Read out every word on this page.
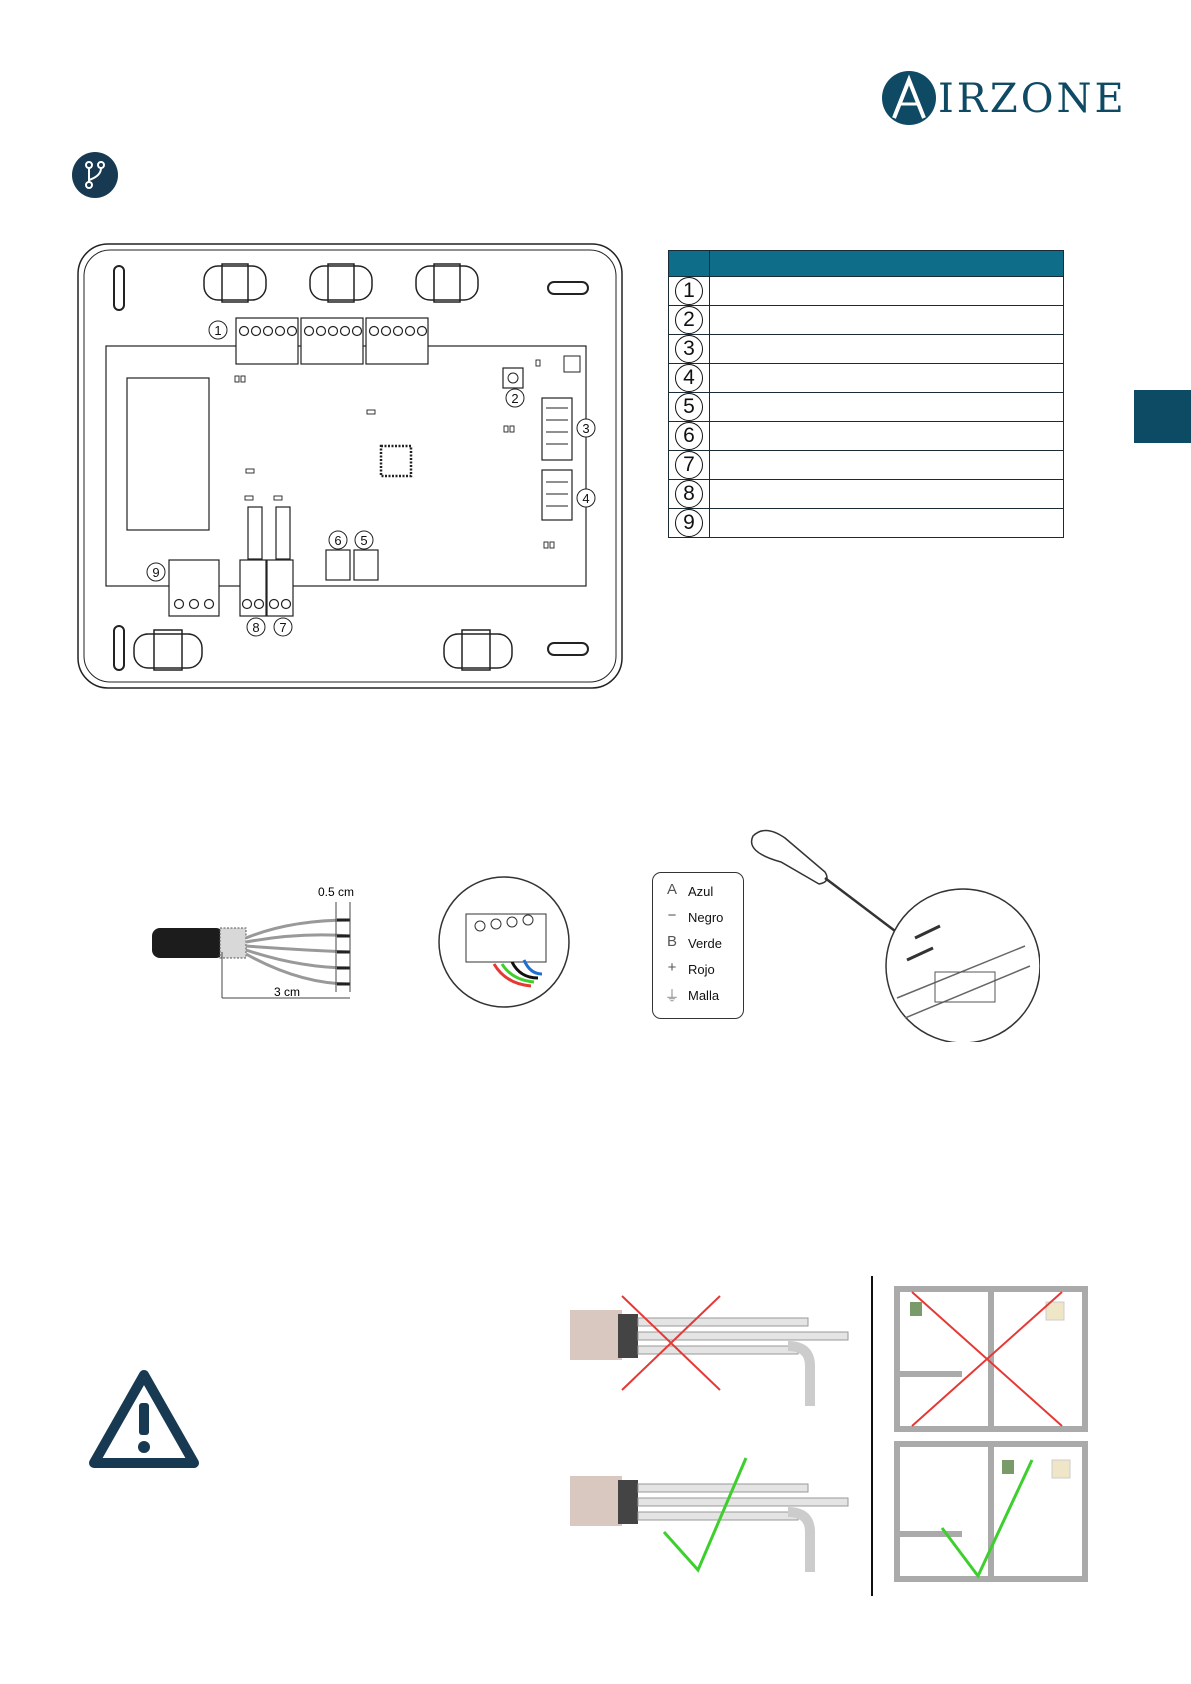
IRZONE
1
2
3
4
5
6
7
8
9

1	
2	
3	
4	
5	
6	
7	
8	
9	
0.5 cm
3 cm
A Azul
− Negro
B Verde
+ Rojo
⏚ Malla
